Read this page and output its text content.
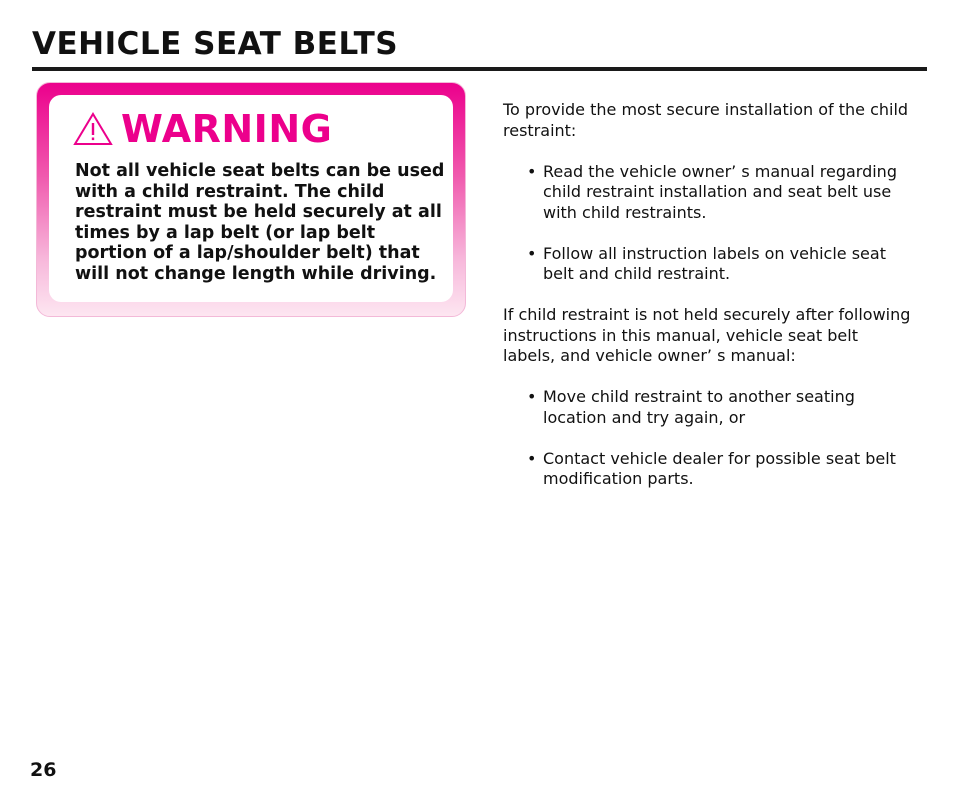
VEHICLE SEAT BELTS
WARNING

Not all vehicle seat belts can be used with a child restraint. The child restraint must be held securely at all times by a lap belt (or lap belt portion of a lap/shoulder belt) that will not change length while driving.

To provide the most secure installation of the child restraint:

• Read the vehicle owner’ s manual regarding child restraint installation and seat belt use with child restraints.
• Follow all instruction labels on vehicle seat belt and child restraint.

If child restraint is not held securely after following instructions in this manual, vehicle seat belt labels, and vehicle owner’ s manual:

• Move child restraint to another seating location and try again, or
• Contact vehicle dealer for possible seat belt modification parts.
26
